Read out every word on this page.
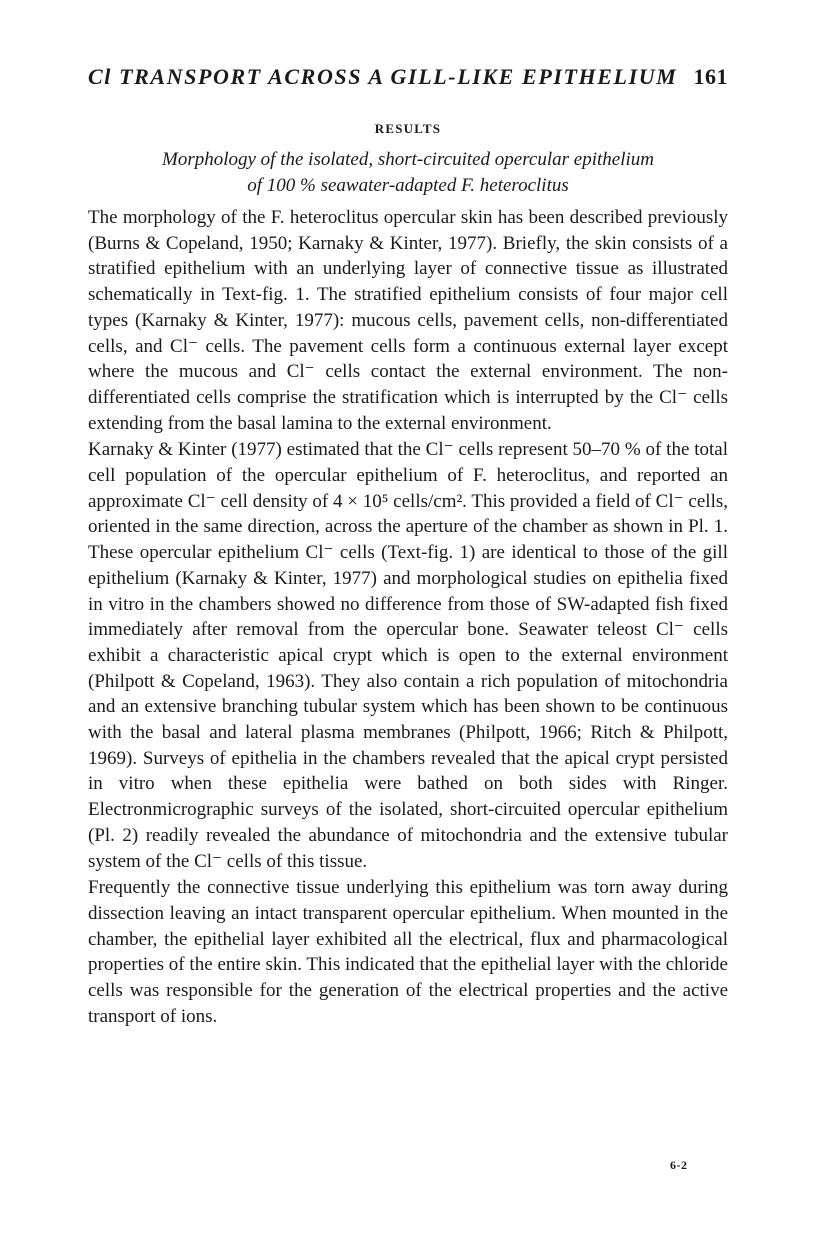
Cl TRANSPORT ACROSS A GILL-LIKE EPITHELIUM 161
RESULTS
Morphology of the isolated, short-circuited opercular epithelium
of 100 % seawater-adapted F. heteroclitus

The morphology of the F. heteroclitus opercular skin has been described previously (Burns & Copeland, 1950; Karnaky & Kinter, 1977). Briefly, the skin consists of a stratified epithelium with an underlying layer of connective tissue as illustrated schematically in Text-fig. 1. The stratified epithelium consists of four major cell types (Karnaky & Kinter, 1977): mucous cells, pavement cells, non-differentiated cells, and Cl⁻ cells. The pavement cells form a continuous external layer except where the mucous and Cl⁻ cells contact the external environment. The non-differentiated cells comprise the stratification which is interrupted by the Cl⁻ cells extending from the basal lamina to the external environment.

Karnaky & Kinter (1977) estimated that the Cl⁻ cells represent 50–70 % of the total cell population of the opercular epithelium of F. heteroclitus, and reported an approximate Cl⁻ cell density of 4 × 10⁵ cells/cm². This provided a field of Cl⁻ cells, oriented in the same direction, across the aperture of the chamber as shown in Pl. 1. These opercular epithelium Cl⁻ cells (Text-fig. 1) are identical to those of the gill epithelium (Karnaky & Kinter, 1977) and morphological studies on epithelia fixed in vitro in the chambers showed no difference from those of SW-adapted fish fixed immediately after removal from the opercular bone. Seawater teleost Cl⁻ cells exhibit a characteristic apical crypt which is open to the external environment (Philpott & Copeland, 1963). They also contain a rich population of mitochondria and an extensive branching tubular system which has been shown to be continuous with the basal and lateral plasma membranes (Philpott, 1966; Ritch & Philpott, 1969). Surveys of epithelia in the chambers revealed that the apical crypt persisted in vitro when these epithelia were bathed on both sides with Ringer. Electronmicrographic surveys of the isolated, short-circuited opercular epithelium (Pl. 2) readily revealed the abundance of mitochondria and the extensive tubular system of the Cl⁻ cells of this tissue.

Frequently the connective tissue underlying this epithelium was torn away during dissection leaving an intact transparent opercular epithelium. When mounted in the chamber, the epithelial layer exhibited all the electrical, flux and pharmacological properties of the entire skin. This indicated that the epithelial layer with the chloride cells was responsible for the generation of the electrical properties and the active transport of ions.

6-2
